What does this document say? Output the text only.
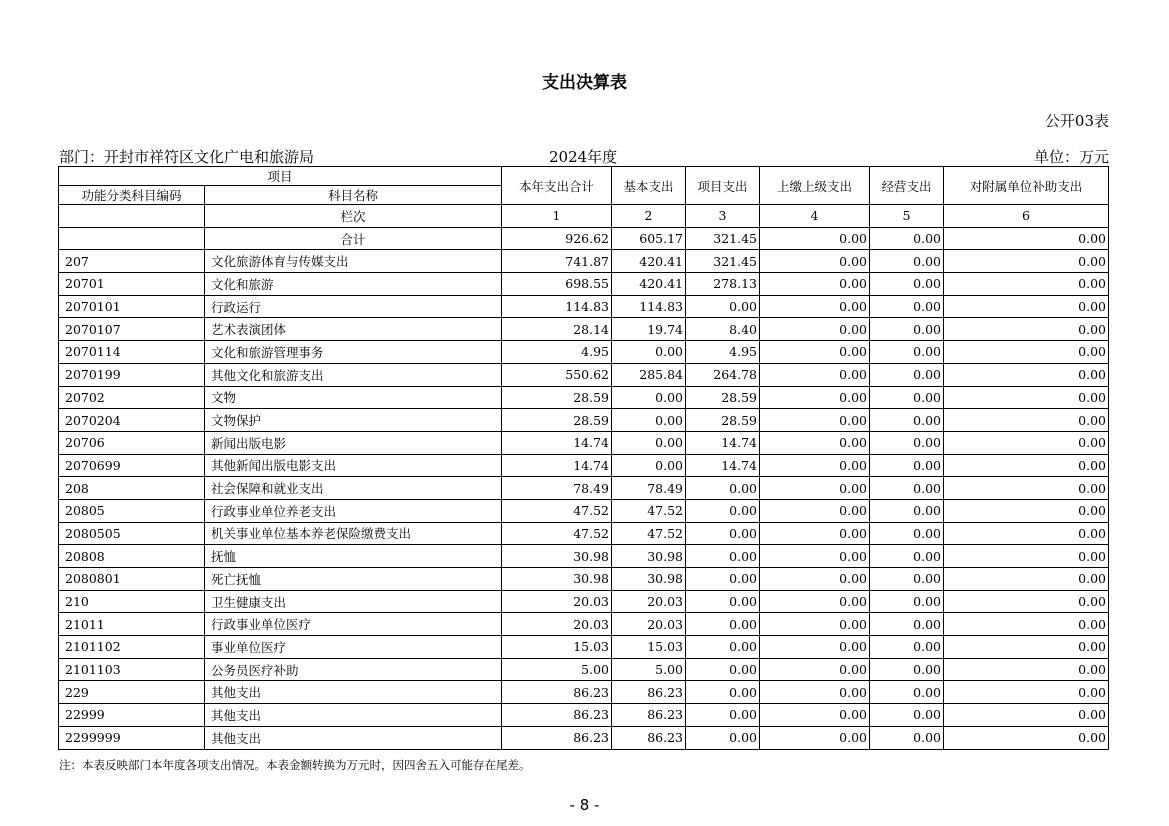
支出决算表
公开03表
部门：开封市祥符区文化广电和旅游局	2024年度	单位：万元
项目		本年支出合计	基本支出	项目支出	上缴上级支出	经营支出	对附属单位补助支出
功能分类科目编码	科目名称						
	栏次	1	2	3	4	5	6
	合计	926.62	605.17	321.45	0.00	0.00	0.00
207	文化旅游体育与传媒支出	741.87	420.41	321.45	0.00	0.00	0.00
20701	文化和旅游	698.55	420.41	278.13	0.00	0.00	0.00
2070101	行政运行	114.83	114.83	0.00	0.00	0.00	0.00
2070107	艺术表演团体	28.14	19.74	8.40	0.00	0.00	0.00
2070114	文化和旅游管理事务	4.95	0.00	4.95	0.00	0.00	0.00
2070199	其他文化和旅游支出	550.62	285.84	264.78	0.00	0.00	0.00
20702	文物	28.59	0.00	28.59	0.00	0.00	0.00
2070204	文物保护	28.59	0.00	28.59	0.00	0.00	0.00
20706	新闻出版电影	14.74	0.00	14.74	0.00	0.00	0.00
2070699	其他新闻出版电影支出	14.74	0.00	14.74	0.00	0.00	0.00
208	社会保障和就业支出	78.49	78.49	0.00	0.00	0.00	0.00
20805	行政事业单位养老支出	47.52	47.52	0.00	0.00	0.00	0.00
2080505	机关事业单位基本养老保险缴费支出	47.52	47.52	0.00	0.00	0.00	0.00
20808	抚恤	30.98	30.98	0.00	0.00	0.00	0.00
2080801	死亡抚恤	30.98	30.98	0.00	0.00	0.00	0.00
210	卫生健康支出	20.03	20.03	0.00	0.00	0.00	0.00
21011	行政事业单位医疗	20.03	20.03	0.00	0.00	0.00	0.00
2101102	事业单位医疗	15.03	15.03	0.00	0.00	0.00	0.00
2101103	公务员医疗补助	5.00	5.00	0.00	0.00	0.00	0.00
229	其他支出	86.23	86.23	0.00	0.00	0.00	0.00
22999	其他支出	86.23	86.23	0.00	0.00	0.00	0.00
2299999	其他支出	86.23	86.23	0.00	0.00	0.00	0.00
注：本表反映部门本年度各项支出情况。本表金额转换为万元时，因四舍五入可能存在尾差。
- 8 -
